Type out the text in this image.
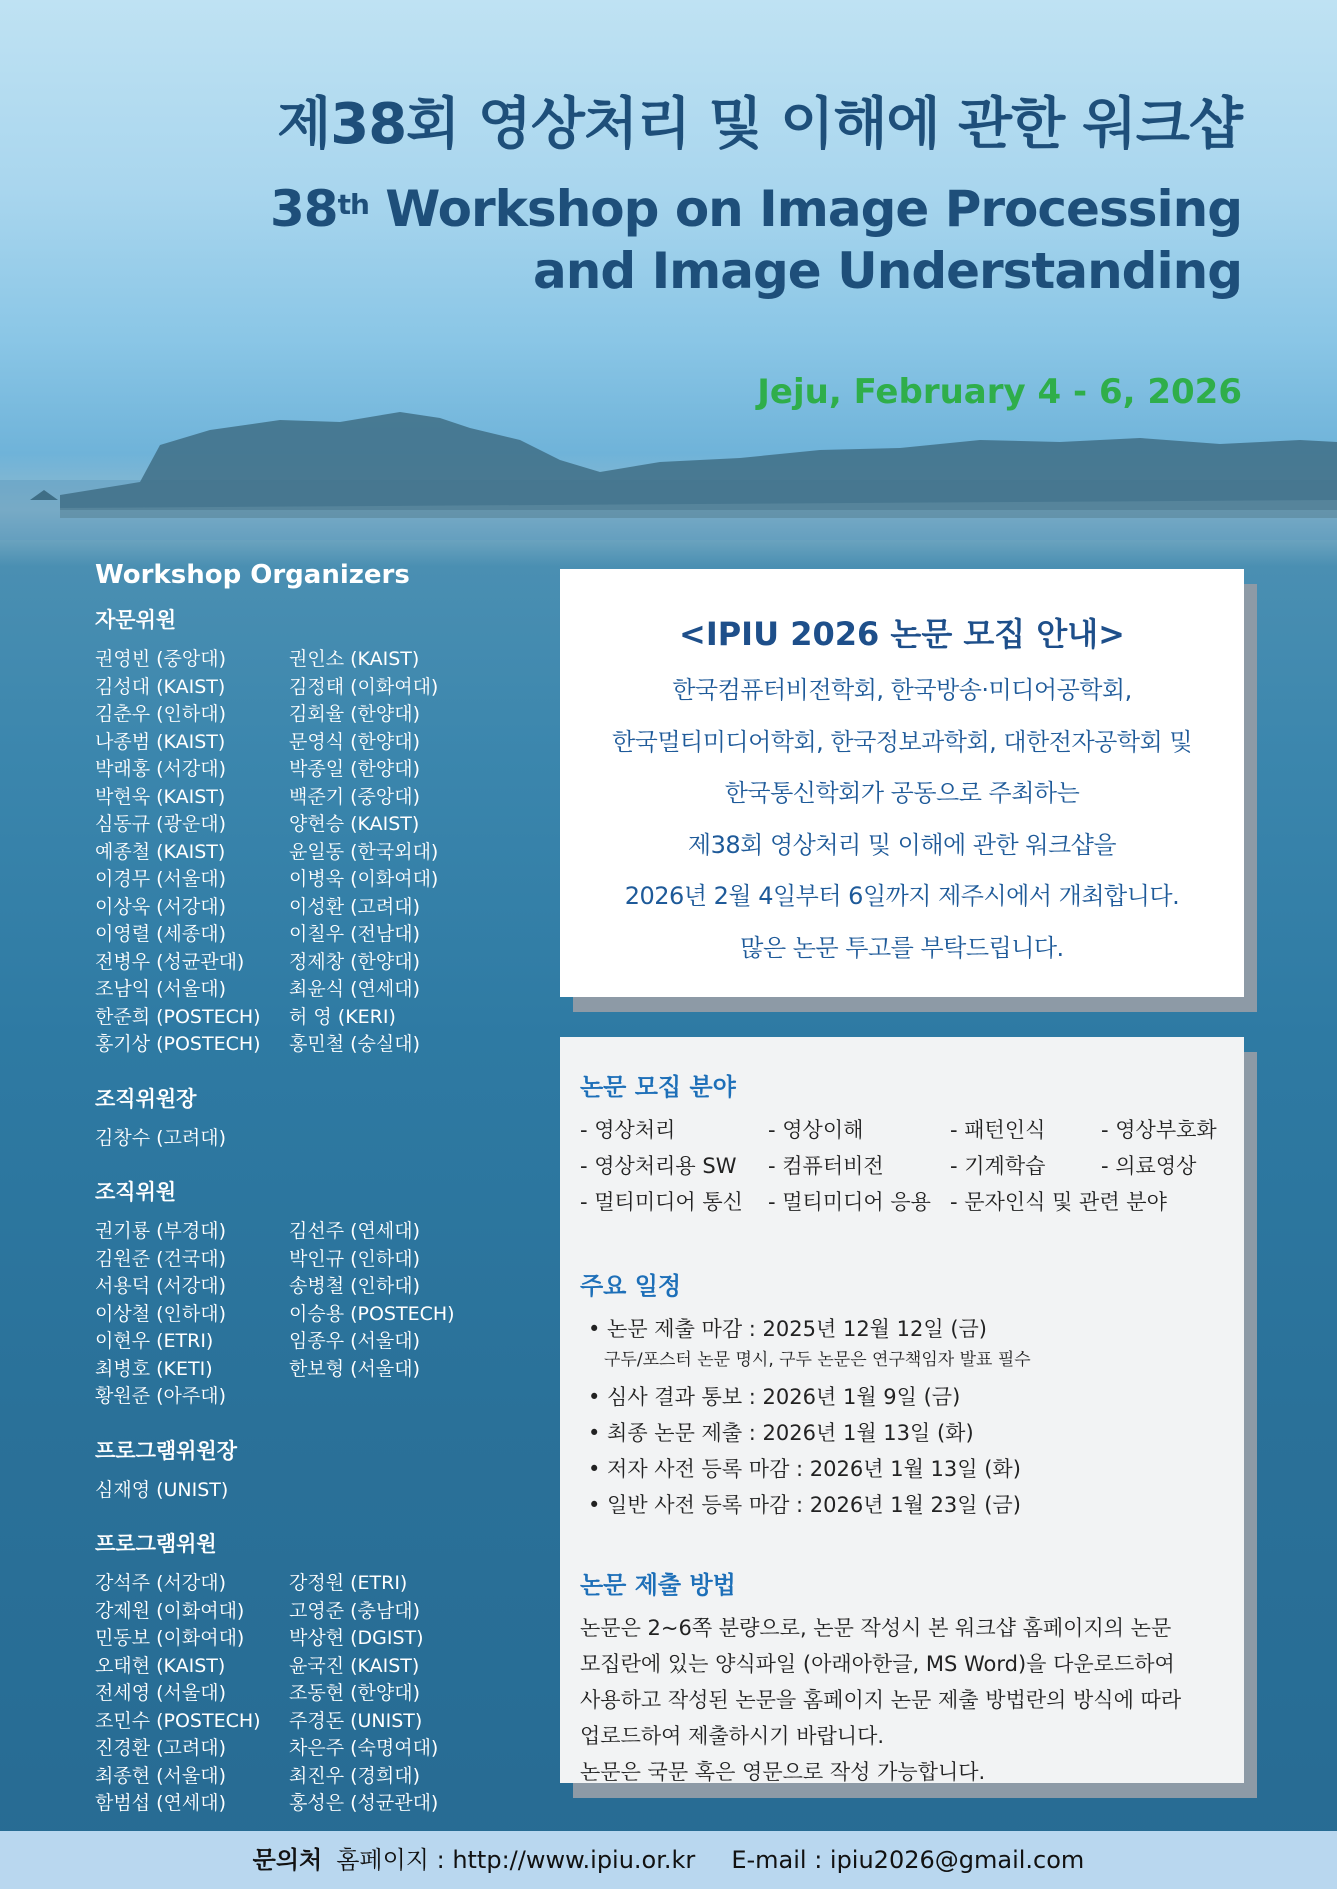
제38회 영상처리 및 이해에 관한 워크샵
38th Workshop on Image Processing
and Image Understanding
Jeju, February 4 - 6, 2026
Workshop Organizers
자문위원
권영빈 (중앙대)	권인소 (KAIST)
김성대 (KAIST)	김정태 (이화여대)
김춘우 (인하대)	김회율 (한양대)
나종범 (KAIST)	문영식 (한양대)
박래홍 (서강대)	박종일 (한양대)
박현욱 (KAIST)	백준기 (중앙대)
심동규 (광운대)	양현승 (KAIST)
예종철 (KAIST)	윤일동 (한국외대)
이경무 (서울대)	이병욱 (이화여대)
이상욱 (서강대)	이성환 (고려대)
이영렬 (세종대)	이칠우 (전남대)
전병우 (성균관대)	정제창 (한양대)
조남익 (서울대)	최윤식 (연세대)
한준희 (POSTECH)	허 영 (KERI)
홍기상 (POSTECH)	홍민철 (숭실대)
조직위원장
김창수 (고려대)
조직위원
권기룡 (부경대)	김선주 (연세대)
김원준 (건국대)	박인규 (인하대)
서용덕 (서강대)	송병철 (인하대)
이상철 (인하대)	이승용 (POSTECH)
이현우 (ETRI)	임종우 (서울대)
최병호 (KETI)	한보형 (서울대)
황원준 (아주대)
프로그램위원장
심재영 (UNIST)
프로그램위원
강석주 (서강대)	강정원 (ETRI)
강제원 (이화여대)	고영준 (충남대)
민동보 (이화여대)	박상현 (DGIST)
오태현 (KAIST)	윤국진 (KAIST)
전세영 (서울대)	조동현 (한양대)
조민수 (POSTECH)	주경돈 (UNIST)
진경환 (고려대)	차은주 (숙명여대)
최종현 (서울대)	최진우 (경희대)
함범섭 (연세대)	홍성은 (성균관대)
<IPIU 2026 논문 모집 안내>
한국컴퓨터비전학회, 한국방송·미디어공학회,
한국멀티미디어학회, 한국정보과학회, 대한전자공학회 및
한국통신학회가 공동으로 주최하는
제38회 영상처리 및 이해에 관한 워크샵을
2026년 2월 4일부터 6일까지 제주시에서 개최합니다.
많은 논문 투고를 부탁드립니다.
논문 모집 분야
- 영상처리	- 영상이해	- 패턴인식	- 영상부호화
- 영상처리용 SW	- 컴퓨터비전	- 기계학습	- 의료영상
- 멀티미디어 통신	- 멀티미디어 응용 - 문자인식 및 관련 분야
주요 일정
• 논문 제출 마감 : 2025년 12월 12일 (금)
구두/포스터 논문 명시, 구두 논문은 연구책임자 발표 필수
• 심사 결과 통보 : 2026년 1월 9일 (금)
• 최종 논문 제출 : 2026년 1월 13일 (화)
• 저자 사전 등록 마감 : 2026년 1월 13일 (화)
• 일반 사전 등록 마감 : 2026년 1월 23일 (금)
논문 제출 방법

논문은 2~6쪽 분량으로, 논문 작성시 본 워크샵 홈페이지의 논문

모집란에 있는 양식파일 (아래아한글, MS Word)을 다운로드하여

사용하고 작성된 논문을 홈페이지 논문 제출 방법란의 방식에 따라

업로드하여 제출하시기 바랍니다.

논문은 국문 혹은 영문으로 작성 가능합니다.

문의처 홈페이지 : http://www.ipiu.or.kr E-mail : ipiu2026@gmail.com
